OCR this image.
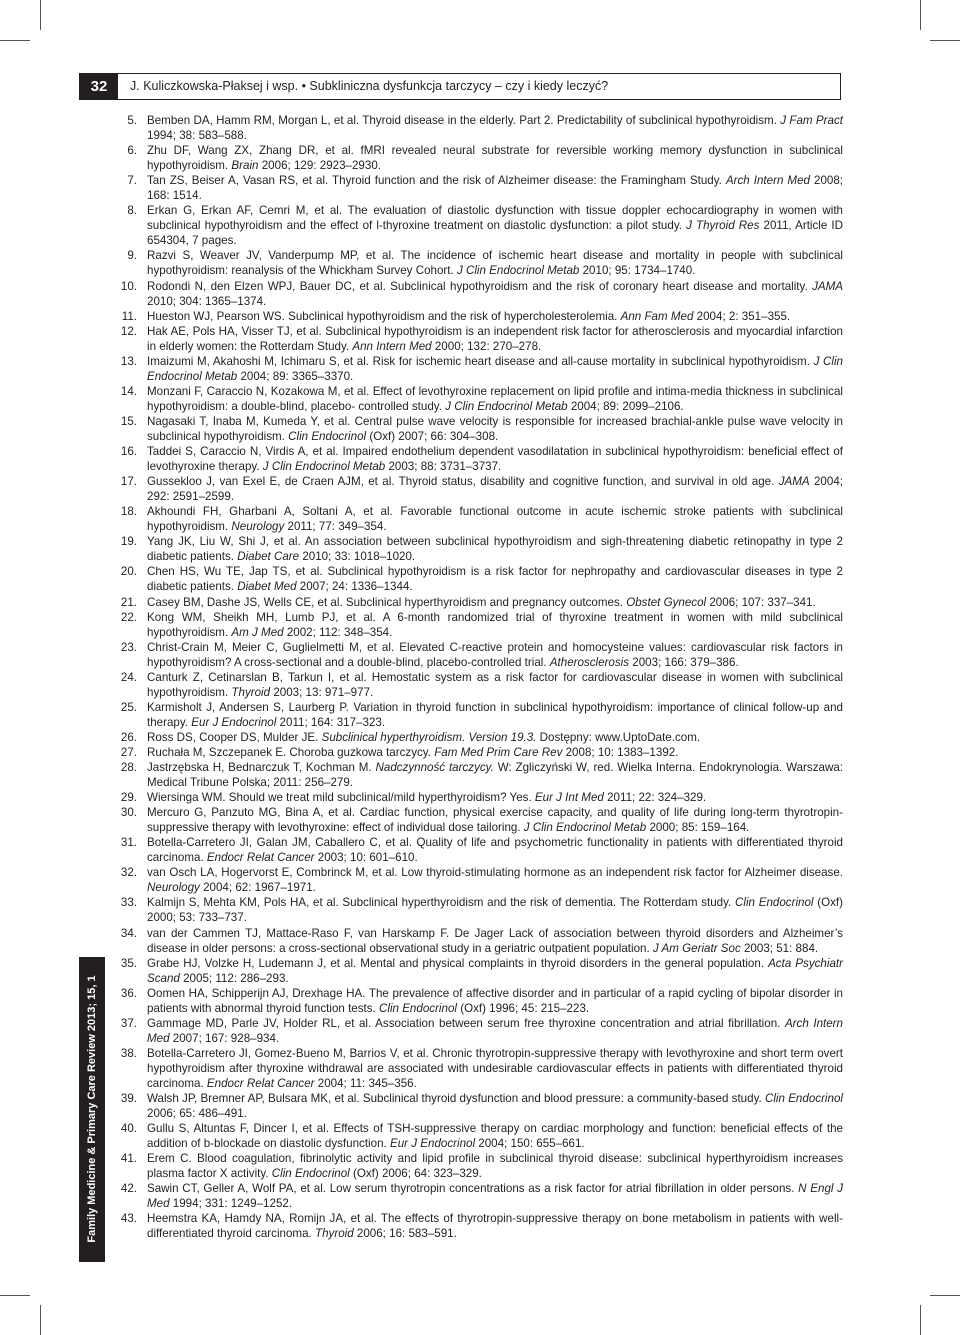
32	J. Kuliczkowska-Płaksej i wsp. • Subkliniczna dysfunkcja tarczycy – czy i kiedy leczyć?
Family Medicine & Primary Care Review 2013; 15, 1
5. Bemben DA, Hamm RM, Morgan L, et al. Thyroid disease in the elderly. Part 2. Predictability of subclinical hypothyroidism. J Fam Pract 1994; 38: 583–588.
6. Zhu DF, Wang ZX, Zhang DR, et al. fMRI revealed neural substrate for reversible working memory dysfunction in subclinical hypothyroidism. Brain 2006; 129: 2923–2930.
7. Tan ZS, Beiser A, Vasan RS, et al. Thyroid function and the risk of Alzheimer disease: the Framingham Study. Arch Intern Med 2008; 168: 1514.
8. Erkan G, Erkan AF, Cemri M, et al. The evaluation of diastolic dysfunction with tissue doppler echocardiography in women with subclinical hypothyroidism and the effect of l-thyroxine treatment on diastolic dysfunction: a pilot study. J Thyroid Res 2011, Article ID 654304, 7 pages.
9. Razvi S, Weaver JV, Vanderpump MP, et al. The incidence of ischemic heart disease and mortality in people with subclinical hypothyroidism: reanalysis of the Whickham Survey Cohort. J Clin Endocrinol Metab 2010; 95: 1734–1740.
10. Rodondi N, den Elzen WPJ, Bauer DC, et al. Subclinical hypothyroidism and the risk of coronary heart disease and mortality. JAMA 2010; 304: 1365–1374.
11. Hueston WJ, Pearson WS. Subclinical hypothyroidism and the risk of hypercholesterolemia. Ann Fam Med 2004; 2: 351–355.
12. Hak AE, Pols HA, Visser TJ, et al. Subclinical hypothyroidism is an independent risk factor for atherosclerosis and myocardial infarction in elderly women: the Rotterdam Study. Ann Intern Med 2000; 132: 270–278.
13. Imaizumi M, Akahoshi M, Ichimaru S, et al. Risk for ischemic heart disease and all-cause mortality in subclinical hypothyroidism. J Clin Endocrinol Metab 2004; 89: 3365–3370.
14. Monzani F, Caraccio N, Kozakowa M, et al. Effect of levothyroxine replacement on lipid profile and intima-media thickness in subclinical hypothyroidism: a double-blind, placebo- controlled study. J Clin Endocrinol Metab 2004; 89: 2099–2106.
15. Nagasaki T, Inaba M, Kumeda Y, et al. Central pulse wave velocity is responsible for increased brachial-ankle pulse wave velocity in subclinical hypothyroidism. Clin Endocrinol (Oxf) 2007; 66: 304–308.
16. Taddei S, Caraccio N, Virdis A, et al. Impaired endothelium dependent vasodilatation in subclinical hypothyroidism: beneficial effect of levothyroxine therapy. J Clin Endocrinol Metab 2003; 88: 3731–3737.
17. Gussekloo J, van Exel E, de Craen AJM, et al. Thyroid status, disability and cognitive function, and survival in old age. JAMA 2004; 292: 2591–2599.
18. Akhoundi FH, Gharbani A, Soltani A, et al. Favorable functional outcome in acute ischemic stroke patients with subclinical hypothyroidism. Neurology 2011; 77: 349–354.
19. Yang JK, Liu W, Shi J, et al. An association between subclinical hypothyroidism and sigh-threatening diabetic retinopathy in type 2 diabetic patients. Diabet Care 2010; 33: 1018–1020.
20. Chen HS, Wu TE, Jap TS, et al. Subclinical hypothyroidism is a risk factor for nephropathy and cardiovascular diseases in type 2 diabetic patients. Diabet Med 2007; 24: 1336–1344.
21. Casey BM, Dashe JS, Wells CE, et al. Subclinical hyperthyroidism and pregnancy outcomes. Obstet Gynecol 2006; 107: 337–341.
22. Kong WM, Sheikh MH, Lumb PJ, et al. A 6-month randomized trial of thyroxine treatment in women with mild subclinical hypothyroidism. Am J Med 2002; 112: 348–354.
23. Christ-Crain M, Meier C, Guglielmetti M, et al. Elevated C-reactive protein and homocysteine values: cardiovascular risk factors in hypothyroidism? A cross-sectional and a double-blind, placebo-controlled trial. Atherosclerosis 2003; 166: 379–386.
24. Canturk Z, Cetinarslan B, Tarkun I, et al. Hemostatic system as a risk factor for cardiovascular disease in women with subclinical hypothyroidism. Thyroid 2003; 13: 971–977.
25. Karmisholt J, Andersen S, Laurberg P. Variation in thyroid function in subclinical hypothyroidism: importance of clinical follow-up and therapy. Eur J Endocrinol 2011; 164: 317–323.
26. Ross DS, Cooper DS, Mulder JE. Subclinical hyperthyroidism. Version 19.3. Dostępny: www.UptoDate.com.
27. Ruchała M, Szczepanek E. Choroba guzkowa tarczycy. Fam Med Prim Care Rev 2008; 10: 1383–1392.
28. Jastrzębska H, Bednarczuk T, Kochman M. Nadczynność tarczycy. W: Zgliczyński W, red. Wielka Interna. Endokrynologia. Warszawa: Medical Tribune Polska; 2011: 256–279.
29. Wiersinga WM. Should we treat mild subclinical/mild hyperthyroidism? Yes. Eur J Int Med 2011; 22: 324–329.
30. Mercuro G, Panzuto MG, Bina A, et al. Cardiac function, physical exercise capacity, and quality of life during long-term thyrotropin-suppressive therapy with levothyroxine: effect of individual dose tailoring. J Clin Endocrinol Metab 2000; 85: 159–164.
31. Botella-Carretero JI, Galan JM, Caballero C, et al. Quality of life and psychometric functionality in patients with differentiated thyroid carcinoma. Endocr Relat Cancer 2003; 10: 601–610.
32. van Osch LA, Hogervorst E, Combrinck M, et al. Low thyroid-stimulating hormone as an independent risk factor for Alzheimer disease. Neurology 2004; 62: 1967–1971.
33. Kalmijn S, Mehta KM, Pols HA, et al. Subclinical hyperthyroidism and the risk of dementia. The Rotterdam study. Clin Endocrinol (Oxf) 2000; 53: 733–737.
34. van der Cammen TJ, Mattace-Raso F, van Harskamp F. De Jager Lack of association between thyroid disorders and Alzheimer’s disease in older persons: a cross-sectional observational study in a geriatric outpatient population. J Am Geriatr Soc 2003; 51: 884.
35. Grabe HJ, Volzke H, Ludemann J, et al. Mental and physical complaints in thyroid disorders in the general population. Acta Psychiatr Scand 2005; 112: 286–293.
36. Oomen HA, Schipperijn AJ, Drexhage HA. The prevalence of affective disorder and in particular of a rapid cycling of bipolar disorder in patients with abnormal thyroid function tests. Clin Endocrinol (Oxf) 1996; 45: 215–223.
37. Gammage MD, Parle JV, Holder RL, et al. Association between serum free thyroxine concentration and atrial fibrillation. Arch Intern Med 2007; 167: 928–934.
38. Botella-Carretero JI, Gomez-Bueno M, Barrios V, et al. Chronic thyrotropin-suppressive therapy with levothyroxine and short term overt hypothyroidism after thyroxine withdrawal are associated with undesirable cardiovascular effects in patients with differentiated thyroid carcinoma. Endocr Relat Cancer 2004; 11: 345–356.
39. Walsh JP, Bremner AP, Bulsara MK, et al. Subclinical thyroid dysfunction and blood pressure: a community-based study. Clin Endocrinol 2006; 65: 486–491.
40. Gullu S, Altuntas F, Dincer I, et al. Effects of TSH-suppressive therapy on cardiac morphology and function: beneficial effects of the addition of b-blockade on diastolic dysfunction. Eur J Endocrinol 2004; 150: 655–661.
41. Erem C. Blood coagulation, fibrinolytic activity and lipid profile in subclinical thyroid disease: subclinical hyperthyroidism increases plasma factor X activity. Clin Endocrinol (Oxf) 2006; 64: 323–329.
42. Sawin CT, Geller A, Wolf PA, et al. Low serum thyrotropin concentrations as a risk factor for atrial fibrillation in older persons. N Engl J Med 1994; 331: 1249–1252.
43. Heemstra KA, Hamdy NA, Romijn JA, et al. The effects of thyrotropin-suppressive therapy on bone metabolism in patients with well-differentiated thyroid carcinoma. Thyroid 2006; 16: 583–591.
